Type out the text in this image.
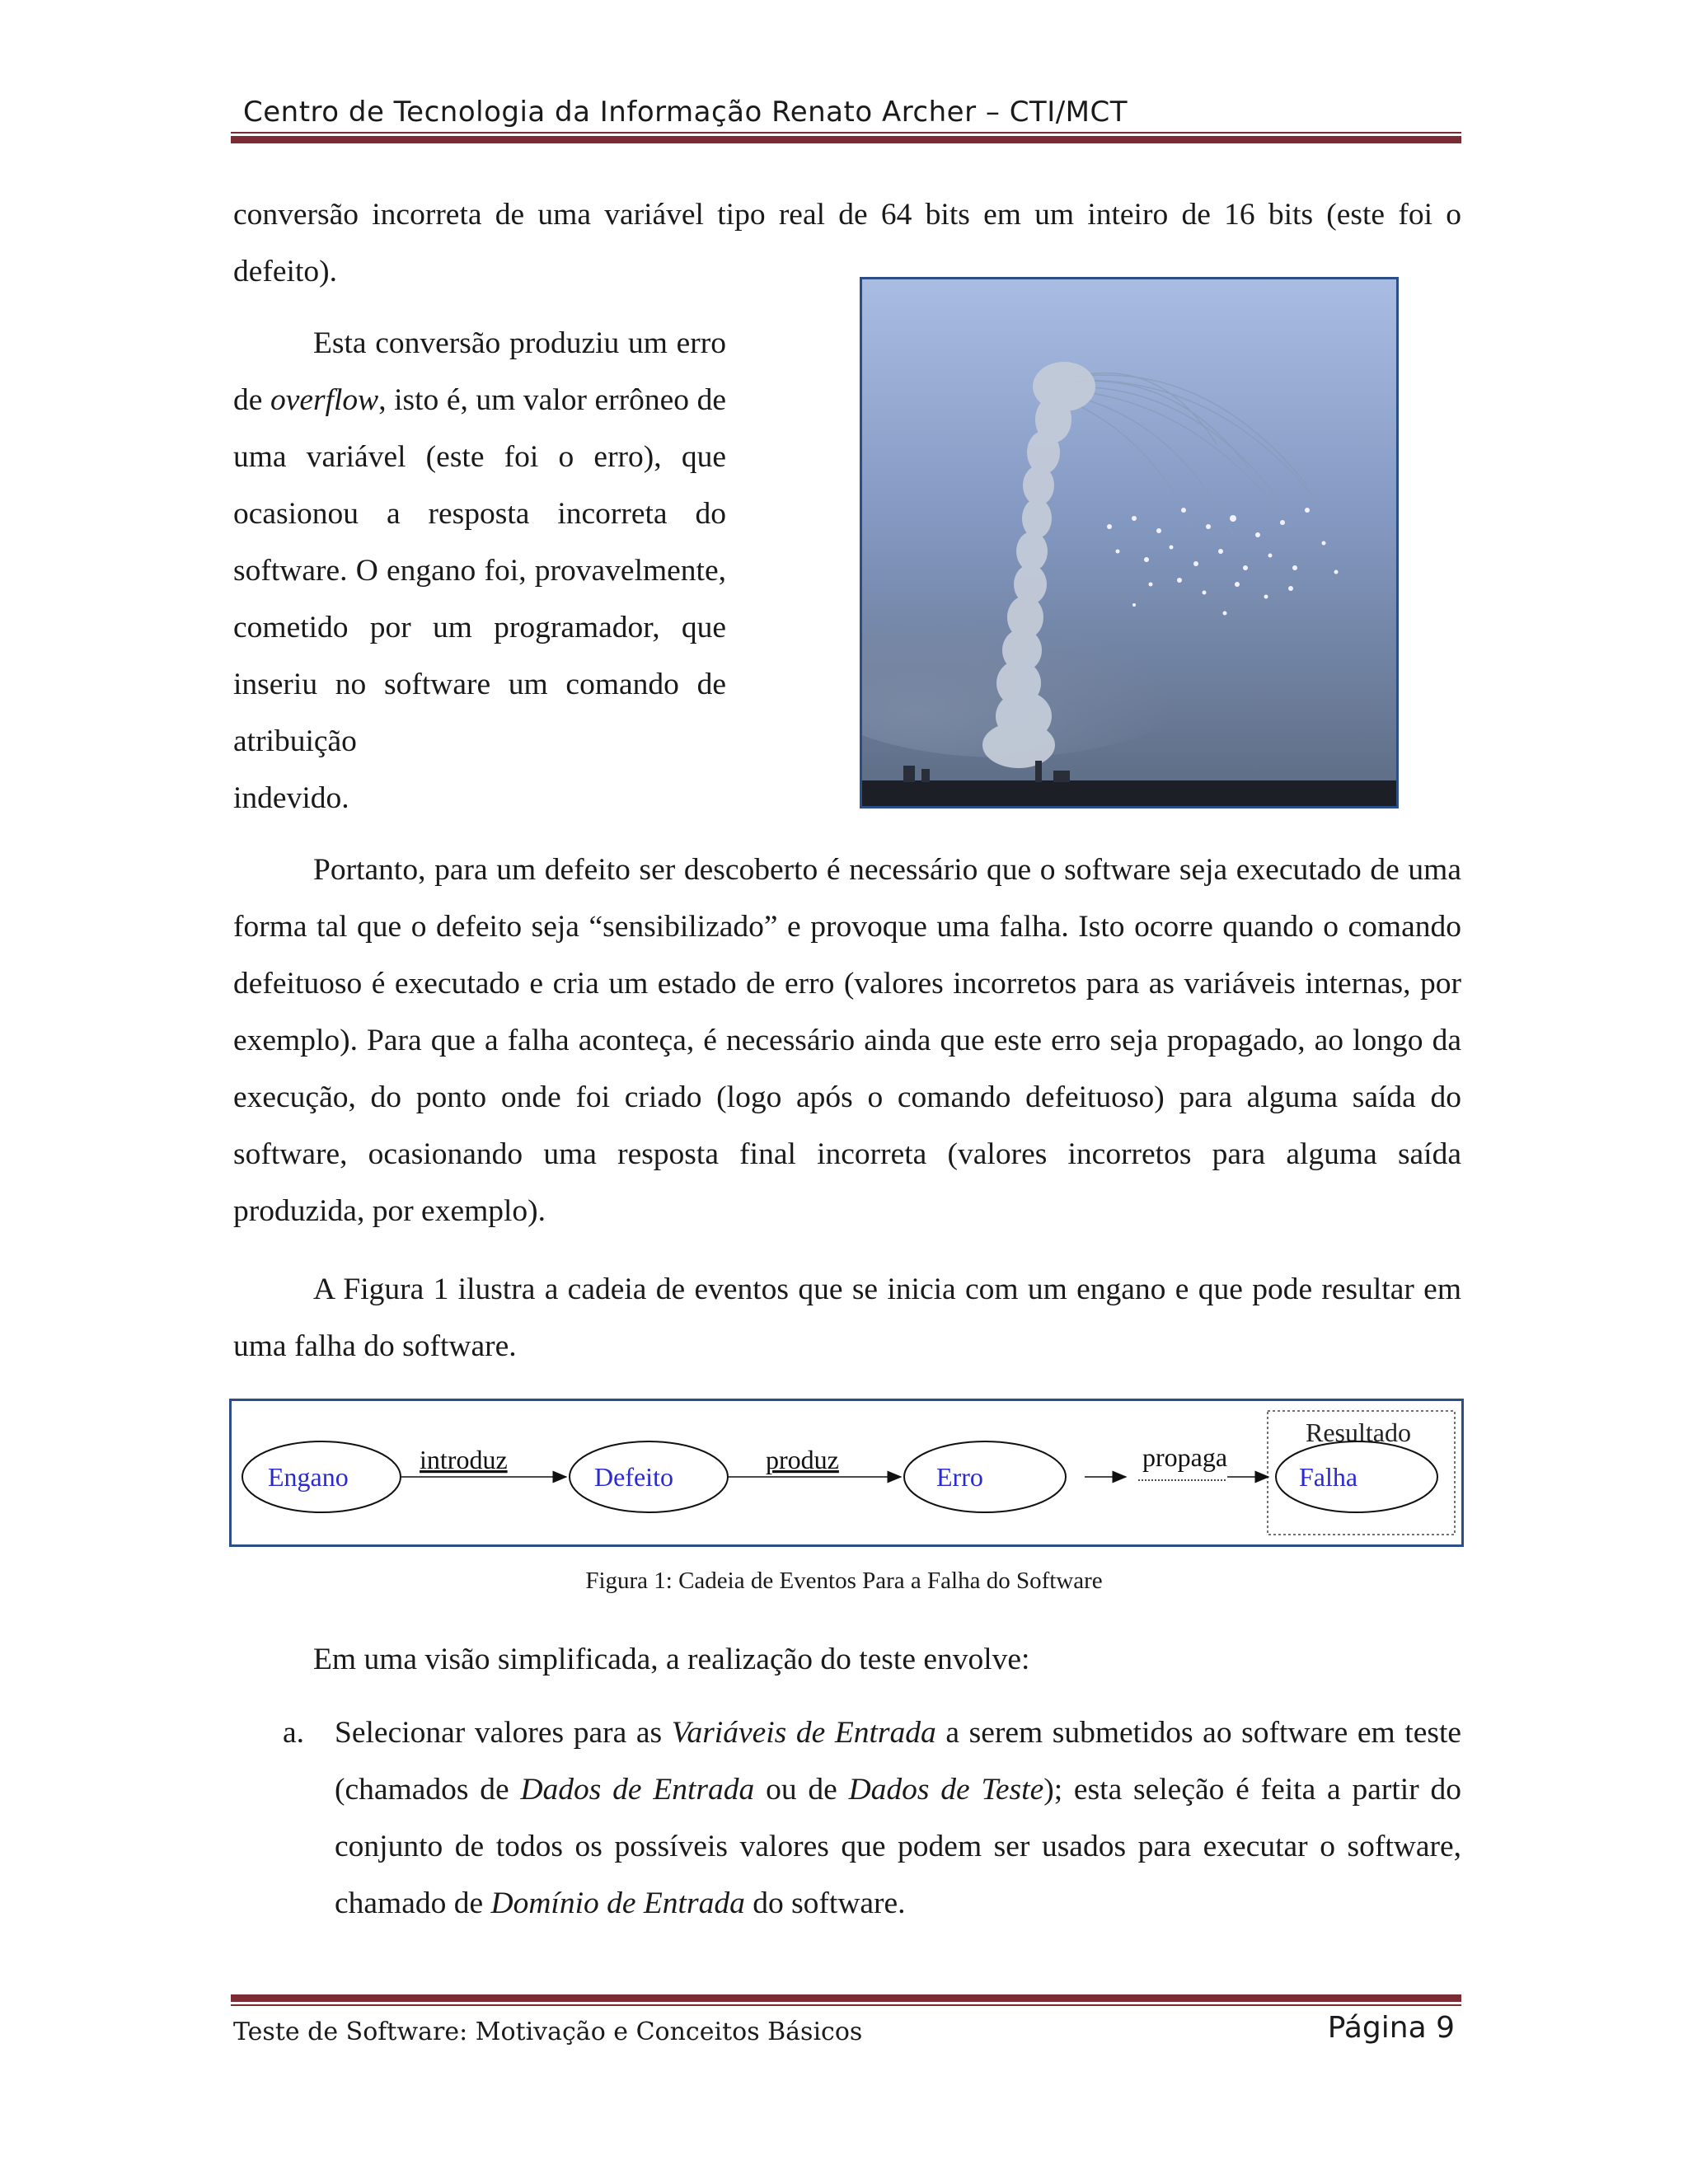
Centro de Tecnologia da Informação Renato Archer – CTI/MCT

conversão incorreta de uma variável tipo real de 64 bits em um inteiro de 16 bits (este foi o defeito).

Esta conversão produziu um erro de overflow, isto é, um valor errôneo de uma variável (este foi o erro), que ocasionou a resposta incorreta do software. O engano foi, provavelmente, cometido por um programador, que inseriu no software um comando de atribuição
indevido.

Portanto, para um defeito ser descoberto é necessário que o software seja executado de uma forma tal que o defeito seja “sensibilizado” e provoque uma falha. Isto ocorre quando o comando defeituoso é executado e cria um estado de erro (valores incorretos para as variáveis internas, por exemplo). Para que a falha aconteça, é necessário ainda que este erro seja propagado, ao longo da execução, do ponto onde foi criado (logo após o comando defeituoso) para alguma saída do software, ocasionando uma resposta final incorreta (valores incorretos para alguma saída produzida, por exemplo).

A Figura 1 ilustra a cadeia de eventos que se inicia com um engano e que pode resultar em uma falha do software.

Resultado
Engano	Defeito	Erro	Falha
introduz	produz	propaga
Figura 1: Cadeia de Eventos Para a Falha do Software

Em uma visão simplificada, a realização do teste envolve:

a. Selecionar valores para as Variáveis de Entrada a serem submetidos ao software em teste (chamados de Dados de Entrada ou de Dados de Teste); esta seleção é feita a partir do conjunto de todos os possíveis valores que podem ser usados para executar o software, chamado de Domínio de Entrada do software.
Teste de Software: Motivação e Conceitos Básicos	Página 9
